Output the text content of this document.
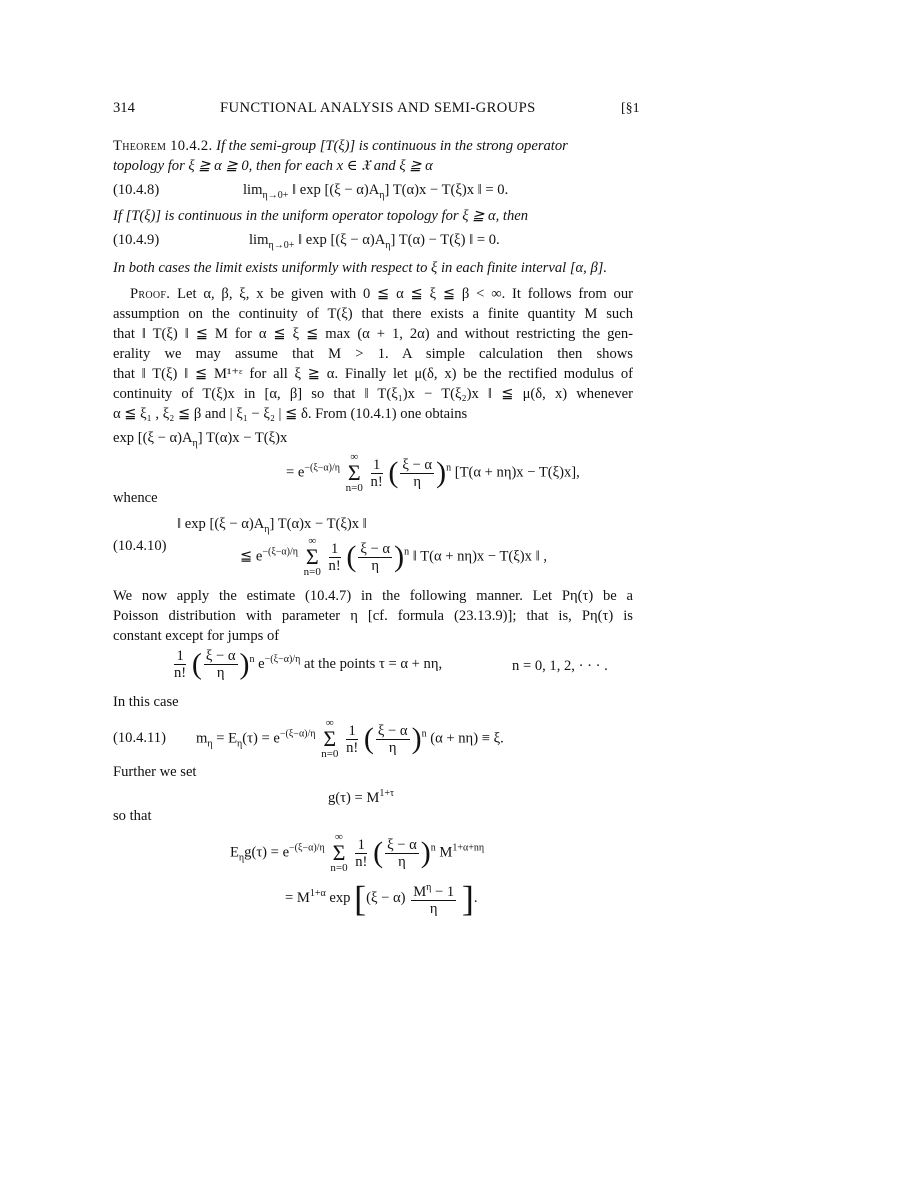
314	FUNCTIONAL ANALYSIS AND SEMI-GROUPS	[§1
Theorem 10.4.2. If the semi-group [T(ξ)] is continuous in the strong operator
topology for ξ ≧ α ≧ 0, then for each x ∈ 𝔛 and ξ ≧ α
(10.4.8)	$\lim_{\eta\to 0+}$ ‖ $\exp [(\xi - \alpha)A_\eta]$ T(α)x − T(ξ)x ‖ = 0.
If [T(ξ)] is continuous in the uniform operator topology for ξ ≧ α, then
(10.4.9)	$\lim_{\eta\to 0+}$ ‖ $\exp [(\xi - \alpha)A_\eta]$ T(α) − T(ξ) ‖ = 0.
In both cases the limit exists uniformly with respect to ξ in each finite interval [α, β].
Proof. Let α, β, ξ, x be given with 0 ≦ α ≦ ξ ≦ β < ∞. It follows from our
assumption on the continuity of T(ξ) that there exists a finite quantity M such
that ‖ T(ξ) ‖ ≦ M for α ≦ ξ ≦ max (α + 1, 2α) and without restricting the gen-
erality we may assume that M > 1. A simple calculation then shows
that ‖ T(ξ) ‖ ≦ M¹⁺ᵋ for all ξ ≧ α. Finally let μ(δ, x) be the rectified modulus of
continuity of T(ξ)x in [α, β] so that ‖ T(ξ₁)x − T(ξ₂)x ‖ ≦ μ(δ, x) whenever
α ≦ ξ₁ , ξ₂ ≦ β and | ξ₁ − ξ₂ | ≦ δ. From (10.4.1) one obtains
$\exp [(\xi - \alpha)A_\eta]$ T(α)x − T(ξ)x
= $e^{-(\xi-\alpha)/\eta}$ ∞
Σ
$n=0 \frac{1}{n!}$ ( $\frac{\xi - \alpha}{\eta} )^n$ [T(α + nη)x − T(ξ)x],
whence
‖ $\exp [(\xi - \alpha)A_\eta]$ T(α)x − T(ξ)x ‖
(10.4.10)
≦ $e^{-(\xi-\alpha)/\eta}$ ∞
Σ
$n=0 \frac{1}{n!}$ ( $\frac{\xi - \alpha}{\eta} )^n$ ‖ T(α + nη)x − T(ξ)x ‖ ,
We now apply the estimate (10.4.7) in the following manner. Let Pη(τ) be a
Poisson distribution with parameter η [cf. formula (23.13.9)]; that is, Pη(τ) is
constant except for jumps of
$\frac{1}{n!}$ ( $\frac{\xi - \alpha}{\eta} )^n$ $e^{-(\xi-\alpha)/\eta}$ at the points τ = α + nη,	n = 0, 1, 2, · · · .
In this case
(10.4.11) $m_\eta = E_\eta(\tau) = e^{-(\xi-\alpha)/\eta}$ ∞
Σ
$n=0 \frac{1}{n!}$ ( $\frac{\xi - \alpha}{\eta} )^n$ (α + nη) ≡ ξ.
Further we set
$g(\tau) = M^{1+\tau}$
so that
$E_\eta g(\tau) = e^{-(\xi-\alpha)/\eta}$ ∞
Σ
$n=0 \frac{1}{n!}$ ( $\frac{\xi - \alpha}{\eta} )^n$ $M^{1+\alpha+n\eta}$
= $M^{1+\alpha}$ $\exp [(\xi - \alpha) \frac{M^\eta - 1}{\eta}$ ].
